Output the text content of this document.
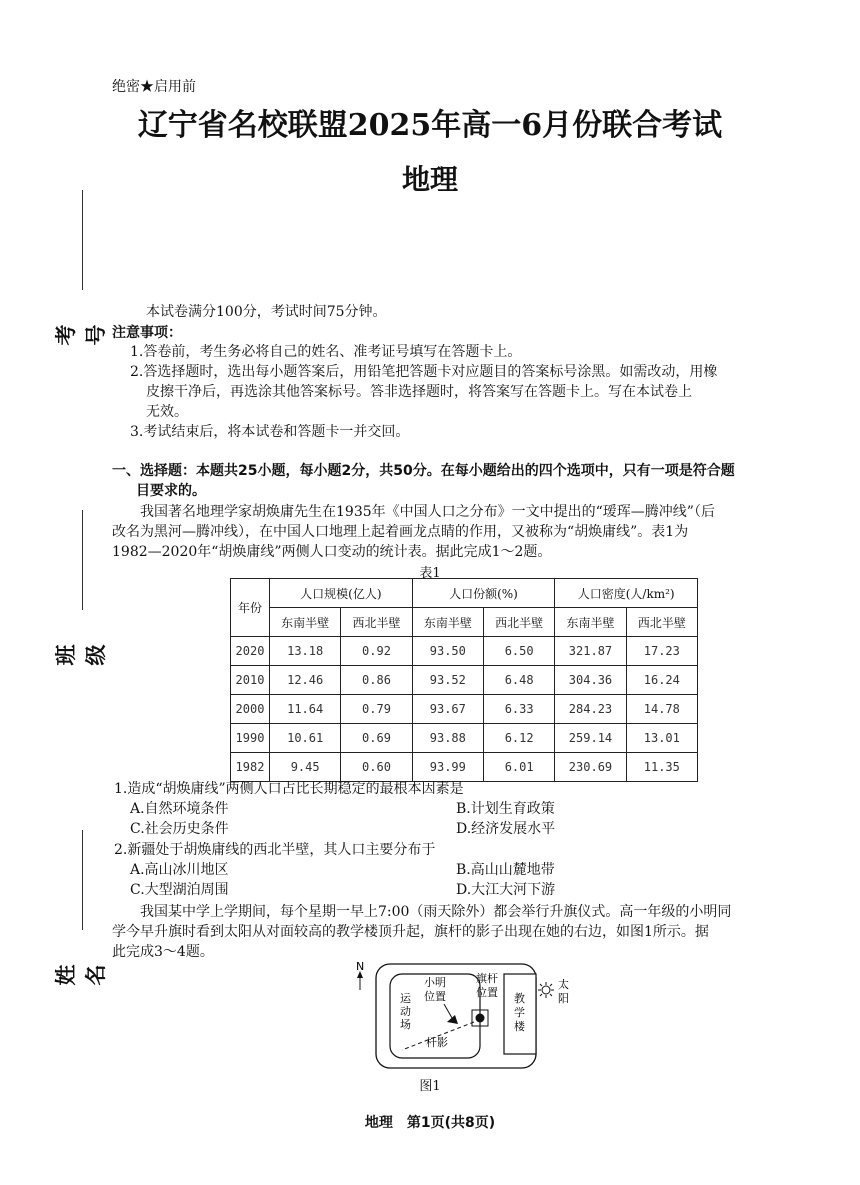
绝密★启用前
辽宁省名校联盟2025年高一6月份联合考试
地理
考号
班级
姓名
本试卷满分100分，考试时间75分钟。
注意事项：
1.答卷前，考生务必将自己的姓名、准考证号填写在答题卡上。
2.答选择题时，选出每小题答案后，用铅笔把答题卡对应题目的答案标号涂黑。如需改动，用橡
皮擦干净后，再选涂其他答案标号。答非选择题时，将答案写在答题卡上。写在本试卷上
无效。
3.考试结束后，将本试卷和答题卡一并交回。
一、选择题：本题共25小题，每小题2分，共50分。在每小题给出的四个选项中，只有一项是符合题
目要求的。
我国著名地理学家胡焕庸先生在1935年《中国人口之分布》一文中提出的“瑷珲—腾冲线”（后
改名为黑河—腾冲线），在中国人口地理上起着画龙点睛的作用，又被称为“胡焕庸线”。表1为
1982—2020年“胡焕庸线”两侧人口变动的统计表。据此完成1～2题。
表1
年份	人口规模(亿人)		人口份额(%)		人口密度(人/km²)	
	东南半壁	西北半壁	东南半壁	西北半壁	东南半壁	西北半壁
2020	13.18	0.92	93.50	6.50	321.87	17.23
2010	12.46	0.86	93.52	6.48	304.36	16.24
2000	11.64	0.79	93.67	6.33	284.23	14.78
1990	10.61	0.69	93.88	6.12	259.14	13.01
1982	9.45	0.60	93.99	6.01	230.69	11.35
1.造成“胡焕庸线”两侧人口占比长期稳定的最根本因素是
A.自然环境条件	B.计划生育政策
C.社会历史条件	D.经济发展水平
2.新疆处于胡焕庸线的西北半壁，其人口主要分布于
A.高山冰川地区	B.高山山麓地带
C.大型湖泊周围	D.大江大河下游
我国某中学上学期间，每个星期一早上7:00（雨天除外）都会举行升旗仪式。高一年级的小明同
学今早升旗时看到太阳从对面较高的教学楼顶升起，旗杆的影子出现在她的右边，如图1所示。据
此完成3～4题。
N
运
动
场
小明
位置
旗杆
位置
杆影
教
学
楼
太
阳
图1
地理　第1页(共8页)
